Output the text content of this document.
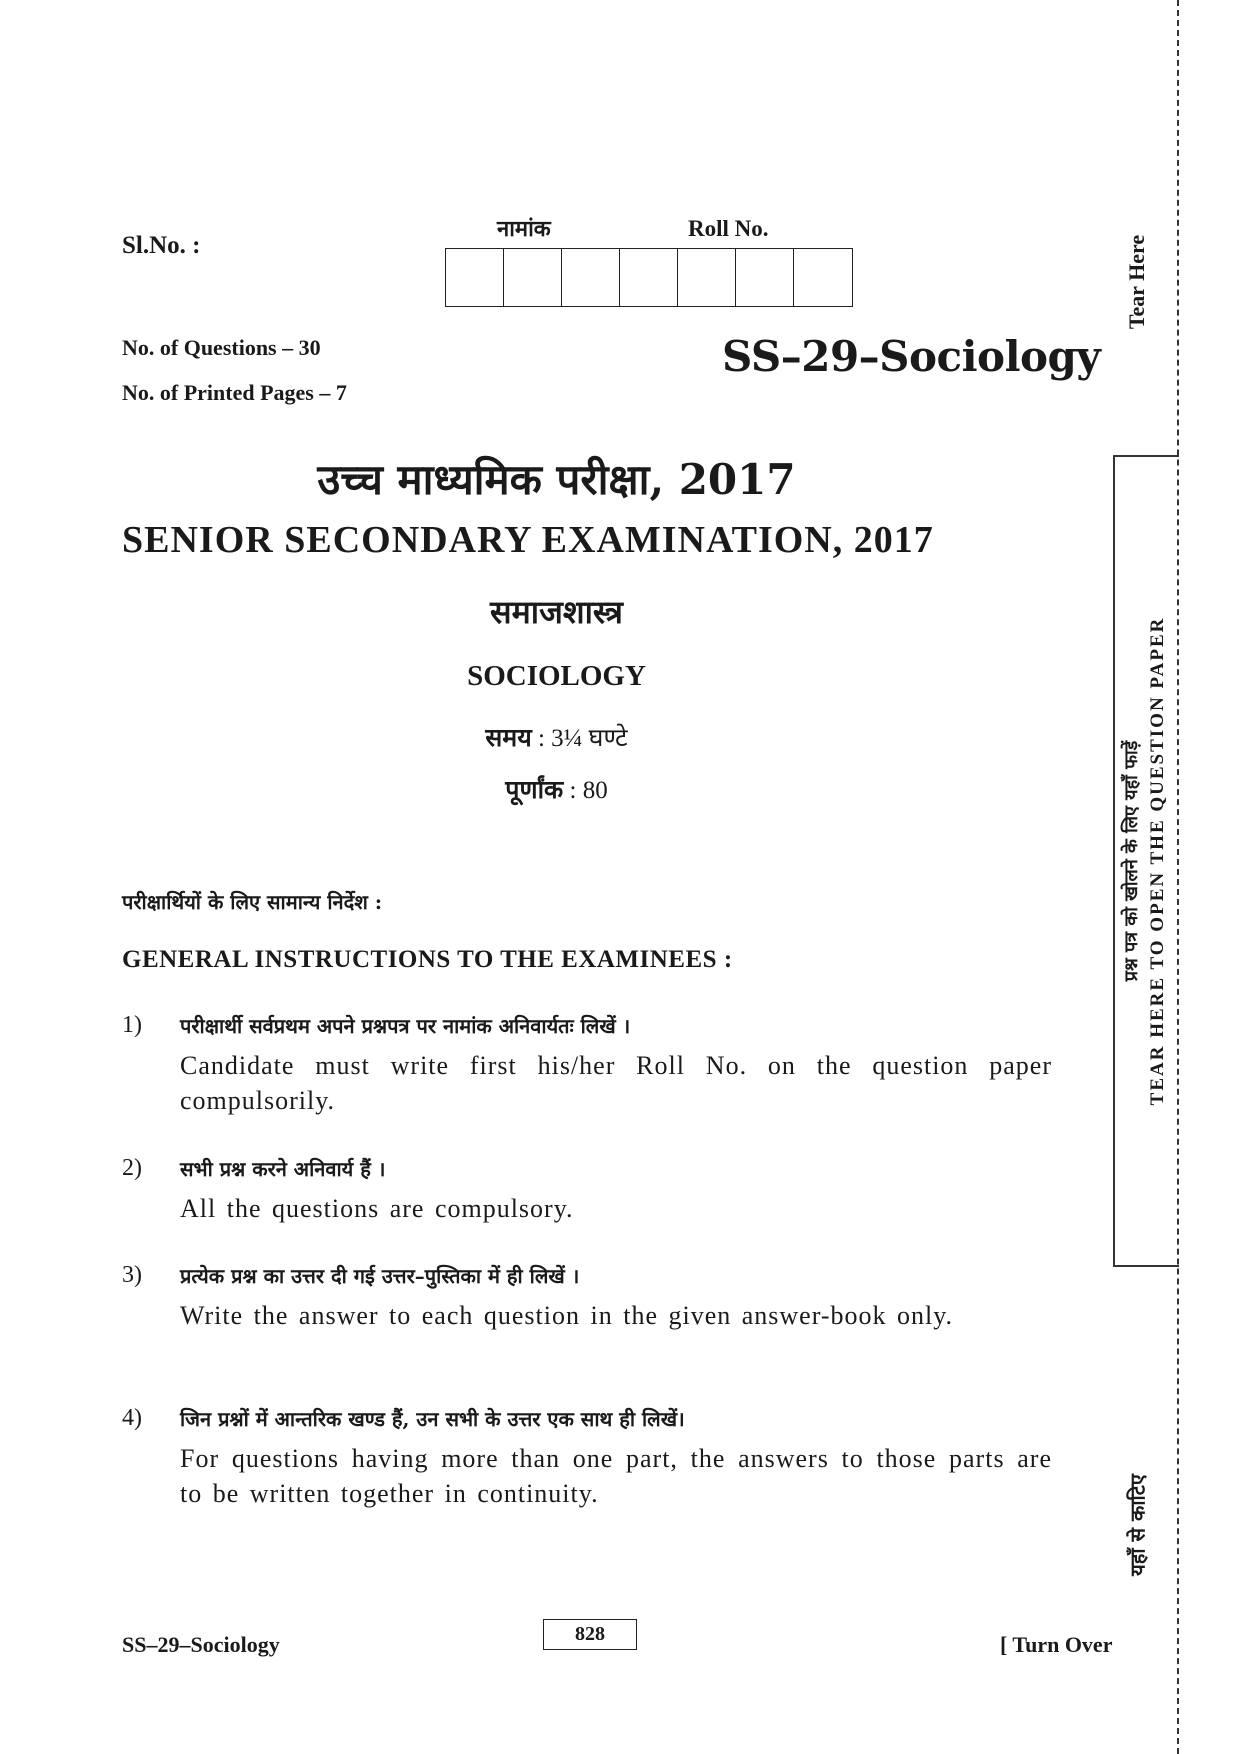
Sl.No. :
नामांक	Roll No.
No. of Questions – 30
No. of Printed Pages – 7
SS–29–Sociology
उच्च माध्यमिक परीक्षा, 2017
SENIOR SECONDARY EXAMINATION, 2017
समाजशास्त्र
SOCIOLOGY
समय : 3¼ घण्टे
पूर्णांक : 80
परीक्षार्थियों के लिए सामान्य निर्देश :
GENERAL INSTRUCTIONS TO THE EXAMINEES :
1) परीक्षार्थी सर्वप्रथम अपने प्रश्नपत्र पर नामांक अनिवार्यतः लिखें ।
Candidate must write first his/her Roll No. on the question paper compulsorily.
2) सभी प्रश्न करने अनिवार्य हैं ।
All the questions are compulsory.
3) प्रत्येक प्रश्न का उत्तर दी गई उत्तर–पुस्तिका में ही लिखें ।
Write the answer to each question in the given answer-book only.
4) जिन प्रश्नों में आन्तरिक खण्ड हैं, उन सभी के उत्तर एक साथ ही लिखें।
For questions having more than one part, the answers to those parts are to be written together in continuity.
SS–29–Sociology	828	[ Turn Over
प्रश्न पत्र को खोलने के लिए यहाँ फाड़ें TEAR HERE TO OPEN THE QUESTION PAPER
Tear Here
यहाँ से काटिए
